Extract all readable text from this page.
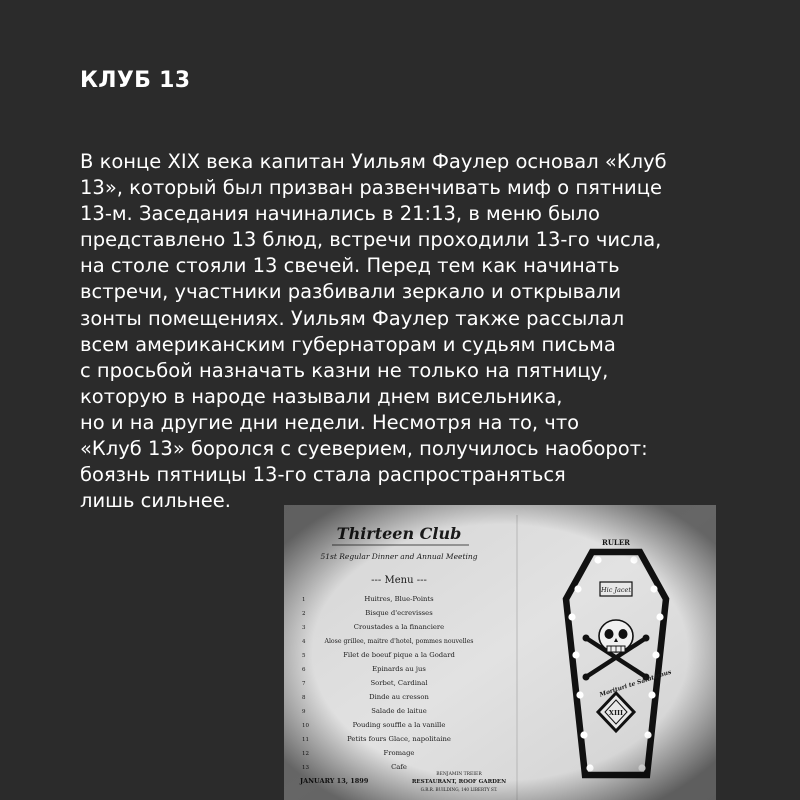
КЛУБ 13

В конце XIX века капитан Уильям Фаулер основал «Клуб
13», который был призван развенчивать миф о пятнице
13-м. Заседания начинались в 21:13, в меню было
представлено 13 блюд, встречи проходили 13-го числа,
на столе стояли 13 свечей. Перед тем как начинать
встречи, участники разбивали зеркало и открывали
зонты помещениях. Уильям Фаулер также рассылал
всем американским губернаторам и судьям письма
с просьбой назначать казни не только на пятницу,
которую в народе называли днем висельника,
но и на другие дни недели. Несмотря на то, что
«Клуб 13» боролся с суеверием, получилось наоборот:
боязнь пятницы 13-го стала распространяться
лишь сильнее.
